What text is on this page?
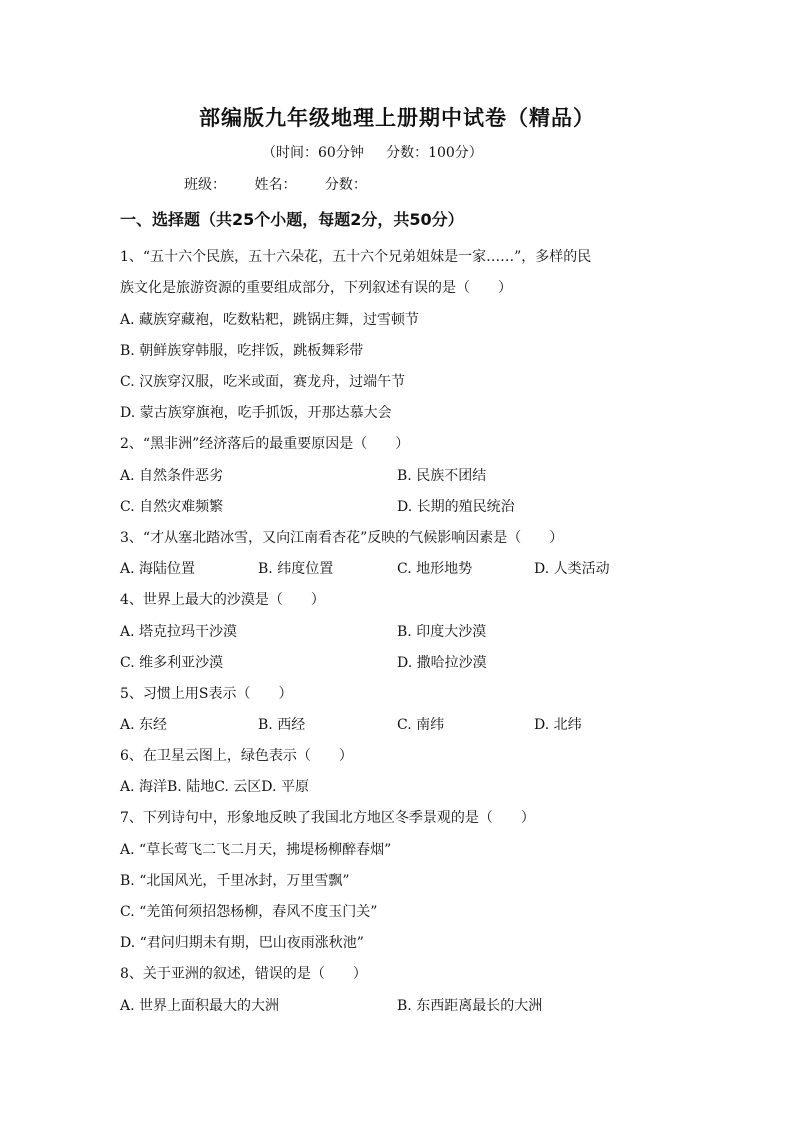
部编版九年级地理上册期中试卷（精品）
（时间：60分钟     分数：100分）
班级： 姓名： 分数：
一、选择题（共25个小题，每题2分，共50分）
1、“五十六个民族，五十六朵花，五十六个兄弟姐妹是一家……”，多样的民
族文化是旅游资源的重要组成部分，下列叙述有误的是（　　）
A. 藏族穿藏袍，吃数粘粑，跳锅庄舞，过雪顿节
B. 朝鲜族穿韩服，吃拌饭，跳板舞彩带
C. 汉族穿汉服，吃米或面，赛龙舟，过端午节
D. 蒙古族穿旗袍，吃手抓饭，开那达慕大会
2、“黑非洲”经济落后的最重要原因是（　　）
A. 自然条件恶劣	B. 民族不团结
C. 自然灾难频繁	D. 长期的殖民统治
3、“才从塞北踏冰雪，又向江南看杏花”反映的气候影响因素是（　　）
A. 海陆位置	B. 纬度位置	C. 地形地势	D. 人类活动
4、世界上最大的沙漠是（　　）
A. 塔克拉玛干沙漠	B. 印度大沙漠
C. 维多利亚沙漠	D. 撒哈拉沙漠
5、习惯上用S表示（　　）
A. 东经	B. 西经	C. 南纬	D. 北纬
6、在卫星云图上，绿色表示（　　）
A. 海洋B. 陆地C. 云区D. 平原
7、下列诗句中，形象地反映了我国北方地区冬季景观的是（　　）
A. “草长莺飞二飞二月天，拂堤杨柳醉春烟”
B. “北国风光，千里冰封，万里雪飘”
C. “羌笛何须招怨杨柳，春风不度玉门关”
D. “君问归期未有期，巴山夜雨涨秋池”
8、关于亚洲的叙述，错误的是（　　）
A. 世界上面积最大的大洲	B. 东西距离最长的大洲
